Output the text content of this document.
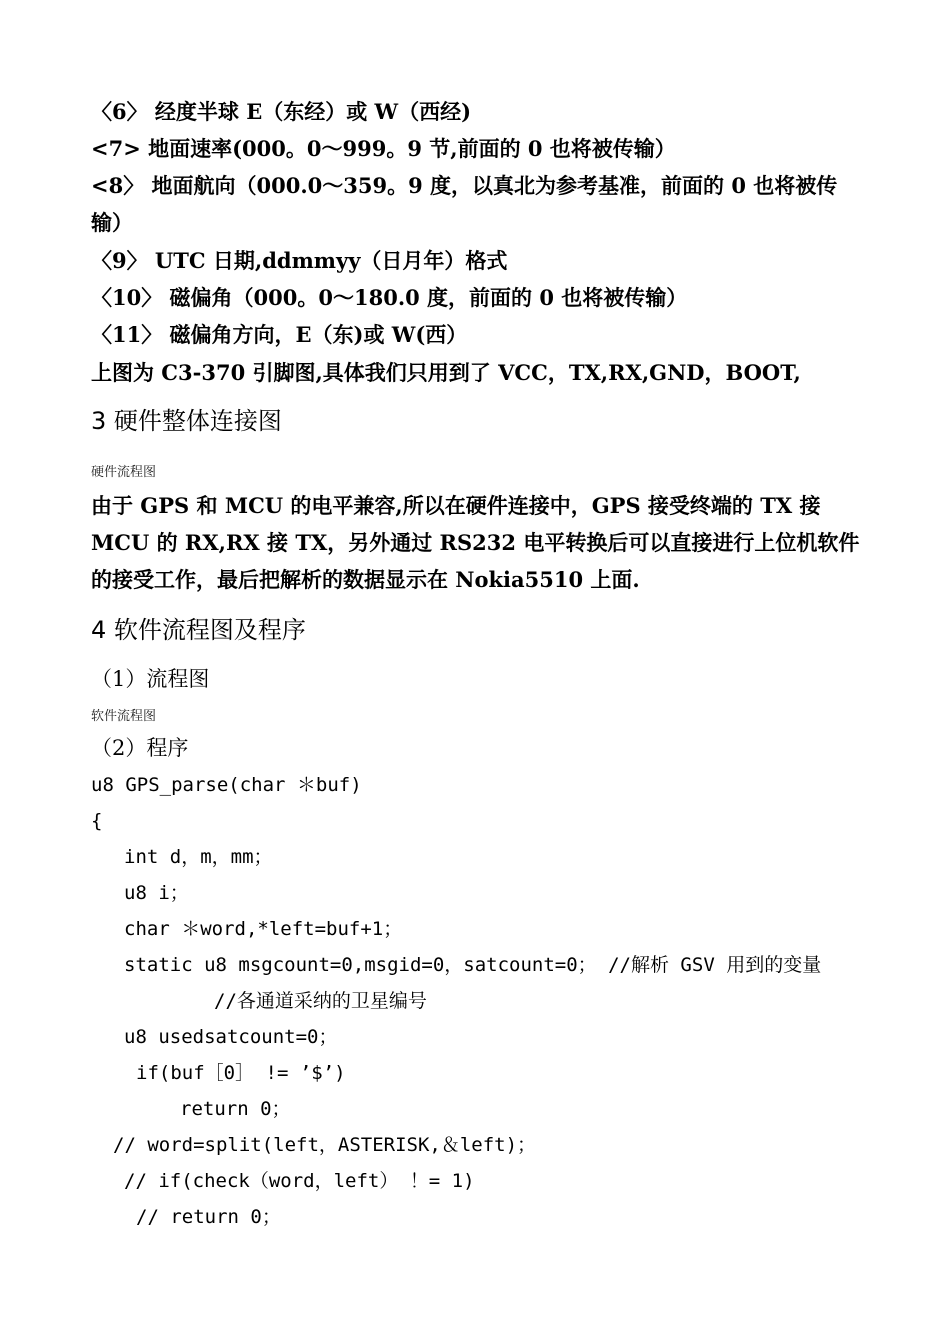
〈6〉 经度半球 E（东经）或 W（西经)
<7> 地面速率(000。0～999。9 节,前面的 0 也将被传输）
<8〉 地面航向（000.0～359。9 度，以真北为参考基准，前面的 0 也将被传
输）
〈9〉 UTC 日期,ddmmyy（日月年）格式
〈10〉 磁偏角（000。0～180.0 度，前面的 0 也将被传输）
〈11〉 磁偏角方向，E（东)或 W(西）
上图为 C3-370 引脚图,具体我们只用到了 VCC，TX,RX,GND，BOOT,
3 硬件整体连接图
硬件流程图
由于 GPS 和 MCU 的电平兼容,所以在硬件连接中，GPS 接受终端的 TX 接
MCU 的 RX,RX 接 TX，另外通过 RS232 电平转换后可以直接进行上位机软件
的接受工作，最后把解析的数据显示在 Nokia5510 上面.
4 软件流程图及程序
（1）流程图
软件流程图
（2）程序
u8 GPS_parse(char ＊buf)
{
int d，m，mm；
u8 i；
char ＊word,*left=buf+1；
static u8 msgcount=0,msgid=0，satcount=0； //解析 GSV 用到的变量
//各通道采纳的卫星编号
u8 usedsatcount=0；
if(buf［0］ != ’$’)
return 0；
// word=split(left，ASTERISK,＆left)；
// if(check（word，left） ！= 1)
// return 0；
